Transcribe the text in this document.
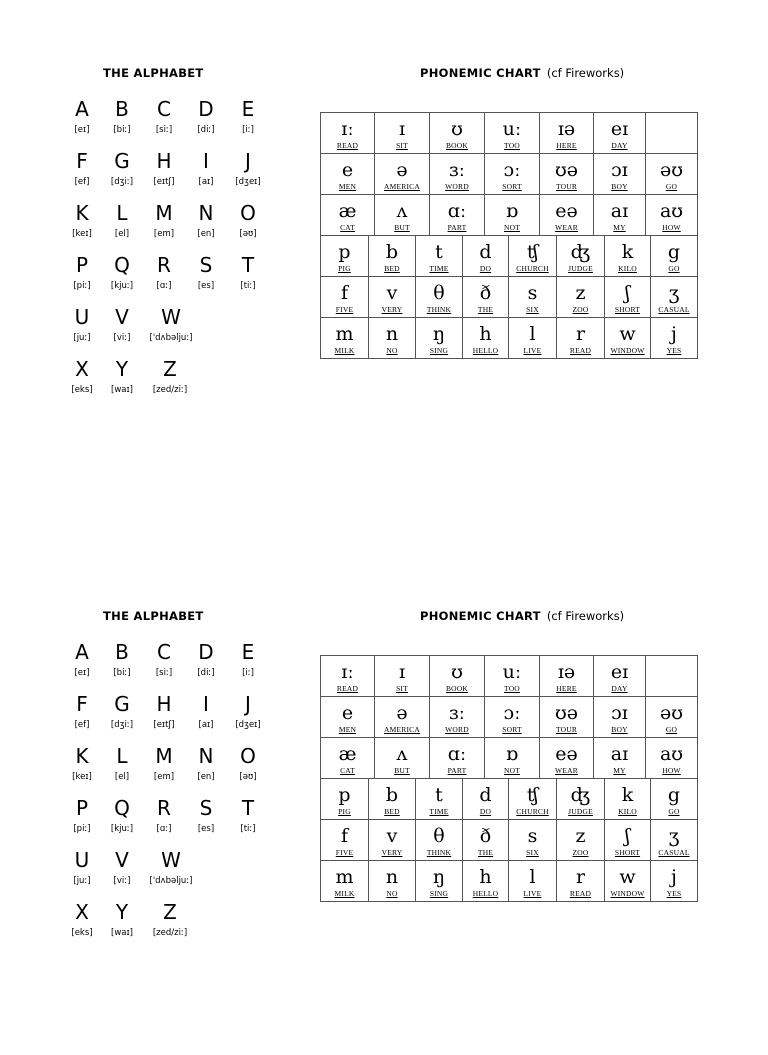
THE ALPHABET	PHONEMIC CHART (cf Fireworks)
A
[eɪ]
B
[biː]
C
[siː]
D
[diː]
E
[iː]
F
[ef]
G
[dʒiː]
H
[eɪtʃ]
I
[aɪ]
J
[dʒeɪ]
K
[keɪ]
L
[el]
M
[em]
N
[en]
O
[əʊ]
P
[piː]
Q
[kjuː]
R
[ɑː]
S
[es]
T
[tiː]
U
[juː]
V
[viː]
W
['dʌbəljuː]
X
[eks]
Y
[waɪ]
Z
[zed/ziː]
ɪː
READ
ɪ
SIT
ʊ
BOOK
uː
TOO
ɪə
HERE
eɪ
DAY
e
MEN
ə
AMERICA
ɜː
WORD
ɔː
SORT
ʊə
TOUR
ɔɪ
BOY
əʊ
GO
æ
CAT
ʌ
BUT
ɑː
PART
ɒ
NOT
eə
WEAR
aɪ
MY
aʊ
HOW
p
PIG
b
BED
t
TIME
d
DO
ʧ
CHURCH
ʤ
JUDGE
k
KILO
g
GO
f
FIVE
v
VERY
θ
THINK
ð
THE
s
SIX
z
ZOO
ʃ
SHORT
ʒ
CASUAL
m
MILK
n
NO
ŋ
SING
h
HELLO
l
LIVE
r
READ
w
WINDOW
j
YES
THE ALPHABET	PHONEMIC CHART (cf Fireworks)
A
[eɪ]
B
[biː]
C
[siː]
D
[diː]
E
[iː]
F
[ef]
G
[dʒiː]
H
[eɪtʃ]
I
[aɪ]
J
[dʒeɪ]
K
[keɪ]
L
[el]
M
[em]
N
[en]
O
[əʊ]
P
[piː]
Q
[kjuː]
R
[ɑː]
S
[es]
T
[tiː]
U
[juː]
V
[viː]
W
['dʌbəljuː]
X
[eks]
Y
[waɪ]
Z
[zed/ziː]
ɪː
READ
ɪ
SIT
ʊ
BOOK
uː
TOO
ɪə
HERE
eɪ
DAY
e
MEN
ə
AMERICA
ɜː
WORD
ɔː
SORT
ʊə
TOUR
ɔɪ
BOY
əʊ
GO
æ
CAT
ʌ
BUT
ɑː
PART
ɒ
NOT
eə
WEAR
aɪ
MY
aʊ
HOW
p
PIG
b
BED
t
TIME
d
DO
ʧ
CHURCH
ʤ
JUDGE
k
KILO
g
GO
f
FIVE
v
VERY
θ
THINK
ð
THE
s
SIX
z
ZOO
ʃ
SHORT
ʒ
CASUAL
m
MILK
n
NO
ŋ
SING
h
HELLO
l
LIVE
r
READ
w
WINDOW
j
YES
